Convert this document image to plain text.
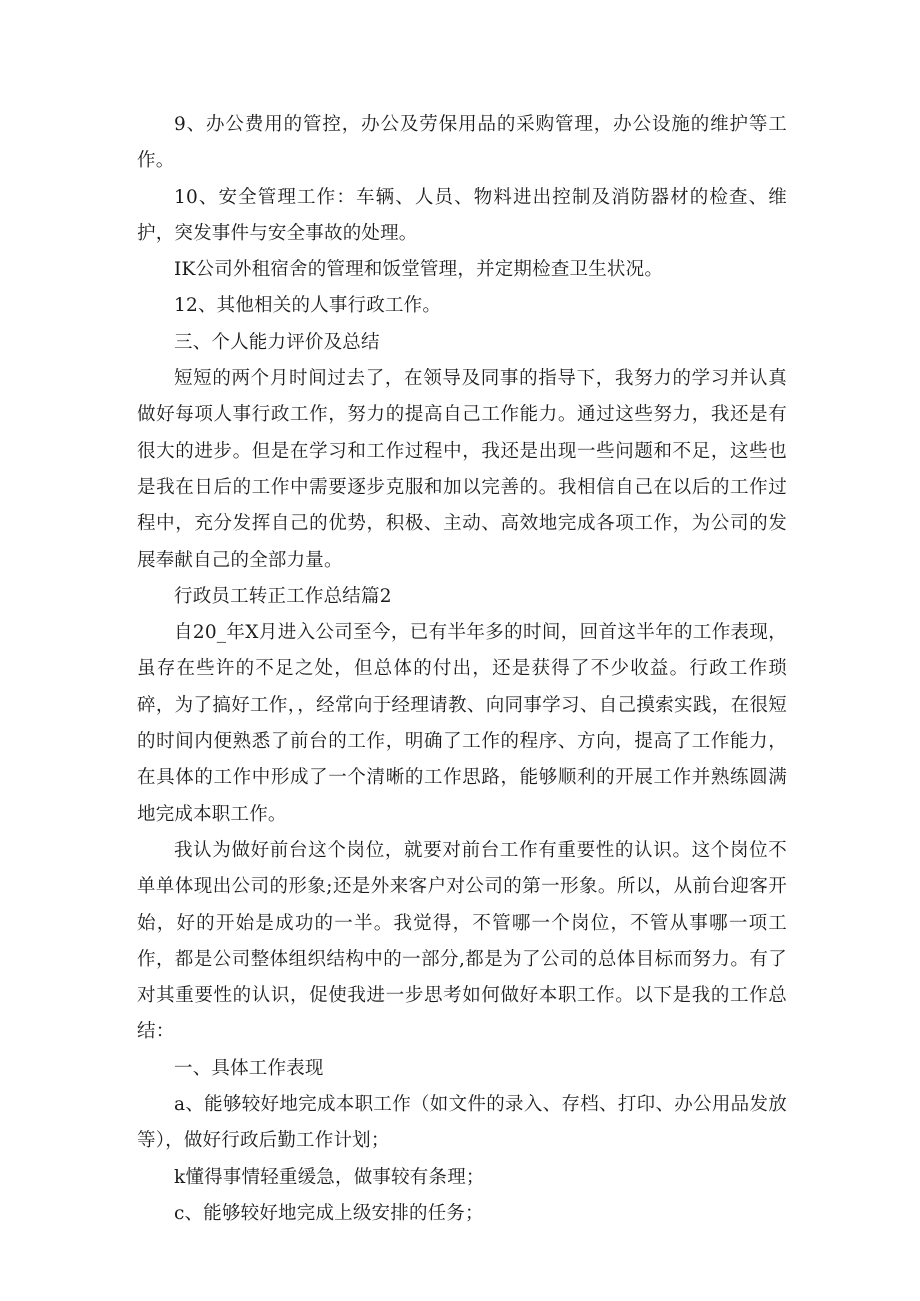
9、办公费用的管控，办公及劳保用品的采购管理，办公设施的维护等工作。

10、安全管理工作：车辆、人员、物料进出控制及消防器材的检查、维护，突发事件与安全事故的处理。

IK公司外租宿舍的管理和饭堂管理，并定期检查卫生状况。

12、其他相关的人事行政工作。

三、个人能力评价及总结

短短的两个月时间过去了，在领导及同事的指导下，我努力的学习并认真做好每项人事行政工作，努力的提高自己工作能力。通过这些努力，我还是有很大的进步。但是在学习和工作过程中，我还是出现一些问题和不足，这些也是我在日后的工作中需要逐步克服和加以完善的。我相信自己在以后的工作过程中，充分发挥自己的优势，积极、主动、高效地完成各项工作，为公司的发展奉献自己的全部力量。

行政员工转正工作总结篇2

自20_年X月进入公司至今，已有半年多的时间，回首这半年的工作表现，虽存在些许的不足之处，但总体的付出，还是获得了不少收益。行政工作琐碎，为了搞好工作，，经常向于经理请教、向同事学习、自己摸索实践，在很短的时间内便熟悉了前台的工作，明确了工作的程序、方向，提高了工作能力，在具体的工作中形成了一个清晰的工作思路，能够顺利的开展工作并熟练圆满地完成本职工作。

我认为做好前台这个岗位，就要对前台工作有重要性的认识。这个岗位不单单体现出公司的形象;还是外来客户对公司的第一形象。所以，从前台迎客开始，好的开始是成功的一半。我觉得，不管哪一个岗位，不管从事哪一项工作，都是公司整体组织结构中的一部分,都是为了公司的总体目标而努力。有了对其重要性的认识，促使我进一步思考如何做好本职工作。以下是我的工作总结：

一、具体工作表现

a、能够较好地完成本职工作（如文件的录入、存档、打印、办公用品发放等），做好行政后勤工作计划；

k懂得事情轻重缓急，做事较有条理；

c、能够较好地完成上级安排的任务；
